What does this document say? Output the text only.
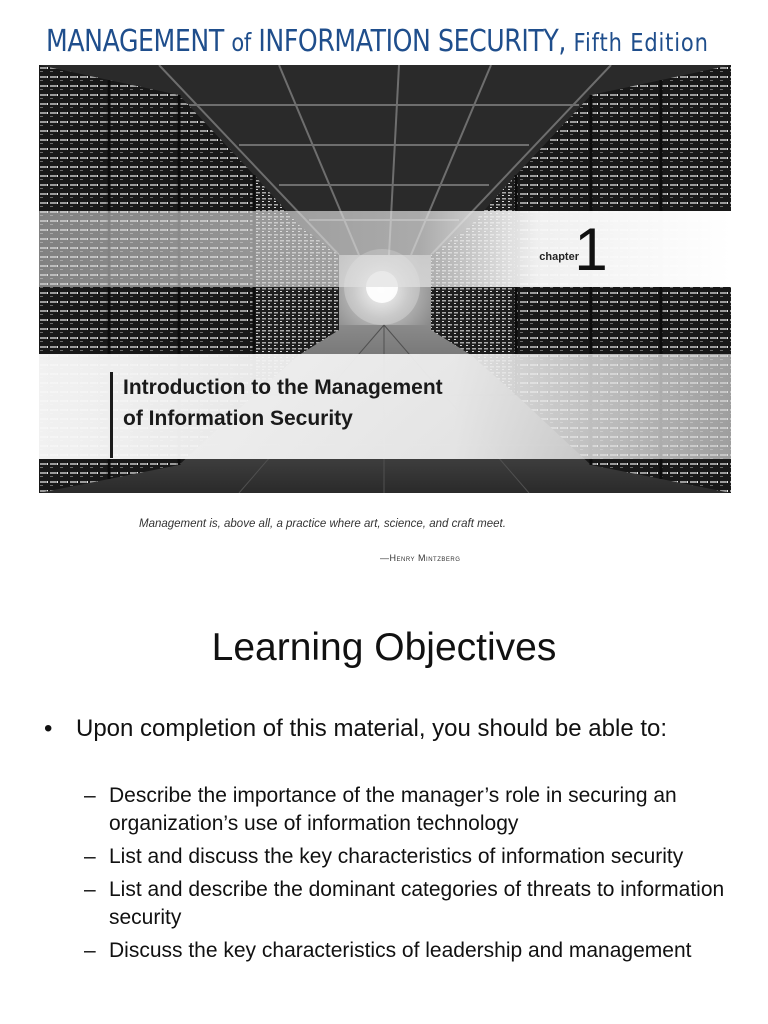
MANAGEMENT of INFORMATION SECURITY, Fifth Edition
chapter
1
Introduction to the Management
of Information Security
Management is, above all, a practice where art, science, and craft meet.
—Henry Mintzberg
Learning Objectives
• Upon completion of this material, you should be able to:
– Describe the importance of the manager’s role in securing an organization’s use of information technology
– List and discuss the key characteristics of information security
– List and describe the dominant categories of threats to information security
– Discuss the key characteristics of leadership and management
